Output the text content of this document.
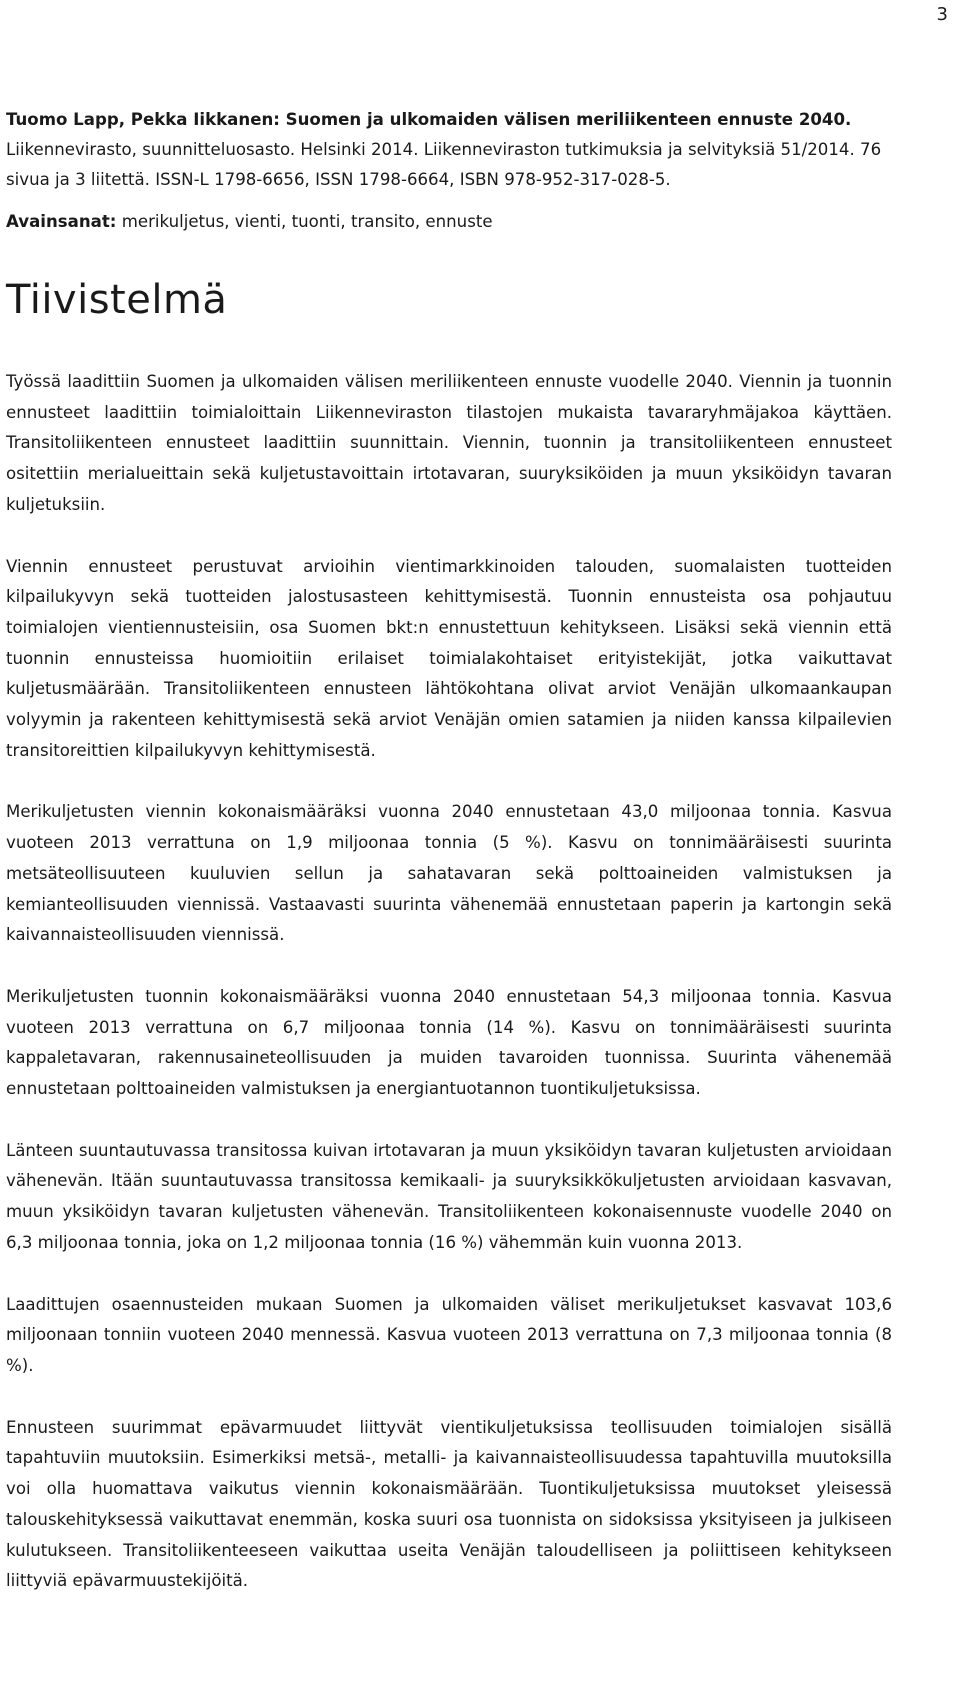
3

Tuomo Lapp, Pekka Iikkanen: Suomen ja ulkomaiden välisen meriliikenteen ennuste 2040. Liikennevirasto, suunnitteluosasto. Helsinki 2014. Liikenneviraston tutkimuksia ja selvityksiä 51/2014. 76 sivua ja 3 liitettä. ISSN-L 1798-6656, ISSN 1798-6664, ISBN 978-952-317-028-5.

Avainsanat: merikuljetus, vienti, tuonti, transito, ennuste

Tiivistelmä

Työssä laadittiin Suomen ja ulkomaiden välisen meriliikenteen ennuste vuodelle 2040. Viennin ja tuonnin ennusteet laadittiin toimialoittain Liikenneviraston tilastojen mukaista tavararyhmäjakoa käyttäen. Transitoliikenteen ennusteet laadittiin suunnittain. Viennin, tuonnin ja transitoliikenteen ennusteet ositettiin merialueittain sekä kuljetustavoittain irtotavaran, suuryksiköiden ja muun yksiköidyn tavaran kuljetuksiin.

Viennin ennusteet perustuvat arvioihin vientimarkkinoiden talouden, suomalaisten tuotteiden kilpailukyvyn sekä tuotteiden jalostusasteen kehittymisestä. Tuonnin ennusteista osa pohjautuu toimialojen vientiennusteisiin, osa Suomen bkt:n ennustettuun kehitykseen. Lisäksi sekä viennin että tuonnin ennusteissa huomioitiin erilaiset toimialakohtaiset erityistekijät, jotka vaikuttavat kuljetusmäärään. Transitoliikenteen ennusteen lähtökohtana olivat arviot Venäjän ulkomaankaupan volyymin ja rakenteen kehittymisestä sekä arviot Venäjän omien satamien ja niiden kanssa kilpailevien transitoreittien kilpailukyvyn kehittymisestä.

Merikuljetusten viennin kokonaismääräksi vuonna 2040 ennustetaan 43,0 miljoonaa tonnia. Kasvua vuoteen 2013 verrattuna on 1,9 miljoonaa tonnia (5 %). Kasvu on tonnimääräisesti suurinta metsäteollisuuteen kuuluvien sellun ja sahatavaran sekä polttoaineiden valmistuksen ja kemianteollisuuden viennissä. Vastaavasti suurinta vähenemää ennustetaan paperin ja kartongin sekä kaivannaisteollisuuden viennissä.

Merikuljetusten tuonnin kokonaismääräksi vuonna 2040 ennustetaan 54,3 miljoonaa tonnia. Kasvua vuoteen 2013 verrattuna on 6,7 miljoonaa tonnia (14 %). Kasvu on tonnimääräisesti suurinta kappaletavaran, rakennusaineteollisuuden ja muiden tavaroiden tuonnissa. Suurinta vähenemää ennustetaan polttoaineiden valmistuksen ja energiantuotannon tuontikuljetuksissa.

Länteen suuntautuvassa transitossa kuivan irtotavaran ja muun yksiköidyn tavaran kuljetusten arvioidaan vähenevän. Itään suuntautuvassa transitossa kemikaali- ja suuryksikkökuljetusten arvioidaan kasvavan, muun yksiköidyn tavaran kuljetusten vähenevän. Transitoliikenteen kokonaisennuste vuodelle 2040 on 6,3 miljoonaa tonnia, joka on 1,2 miljoonaa tonnia (16 %) vähemmän kuin vuonna 2013.

Laadittujen osaennusteiden mukaan Suomen ja ulkomaiden väliset merikuljetukset kasvavat 103,6 miljoonaan tonniin vuoteen 2040 mennessä. Kasvua vuoteen 2013 verrattuna on 7,3 miljoonaa tonnia (8 %).

Ennusteen suurimmat epävarmuudet liittyvät vientikuljetuksissa teollisuuden toimialojen sisällä tapahtuviin muutoksiin. Esimerkiksi metsä-, metalli- ja kaivannaisteollisuudessa tapahtuvilla muutoksilla voi olla huomattava vaikutus viennin kokonaismäärään. Tuontikuljetuksissa muutokset yleisessä talouskehityksessä vaikuttavat enemmän, koska suuri osa tuonnista on sidoksissa yksityiseen ja julkiseen kulutukseen. Transitoliikenteeseen vaikuttaa useita Venäjän taloudelliseen ja poliittiseen kehitykseen liittyviä epävarmuustekijöitä.
